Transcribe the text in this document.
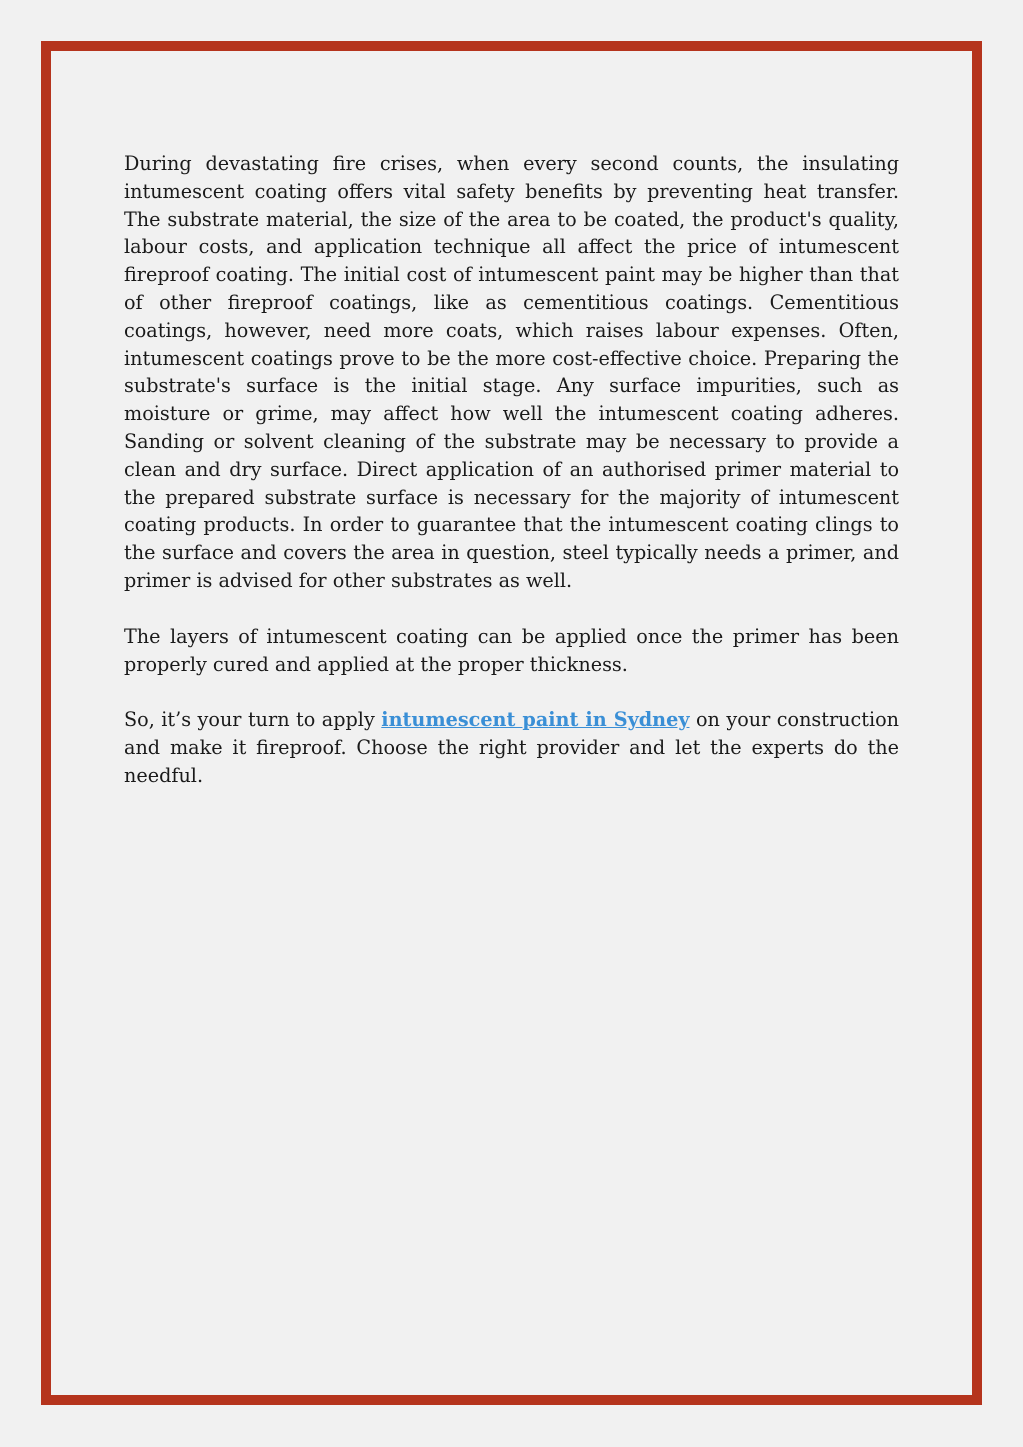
During devastating fire crises, when every second counts, the insulating intumescent coating offers vital safety benefits by preventing heat transfer. The substrate material, the size of the area to be coated, the product's quality, labour costs, and application technique all affect the price of intumescent fireproof coating. The initial cost of intumescent paint may be higher than that of other fireproof coatings, like as cementitious coatings. Cementitious coatings, however, need more coats, which raises labour expenses. Often, intumescent coatings prove to be the more cost-effective choice. Preparing the substrate's surface is the initial stage. Any surface impurities, such as moisture or grime, may affect how well the intumescent coating adheres. Sanding or solvent cleaning of the substrate may be necessary to provide a clean and dry surface. Direct application of an authorised primer material to the prepared substrate surface is necessary for the majority of intumescent coating products. In order to guarantee that the intumescent coating clings to the surface and covers the area in question, steel typically needs a primer, and primer is advised for other substrates as well.

The layers of intumescent coating can be applied once the primer has been properly cured and applied at the proper thickness.

So, it’s your turn to apply intumescent paint in Sydney on your construction and make it fireproof. Choose the right provider and let the experts do the needful.
